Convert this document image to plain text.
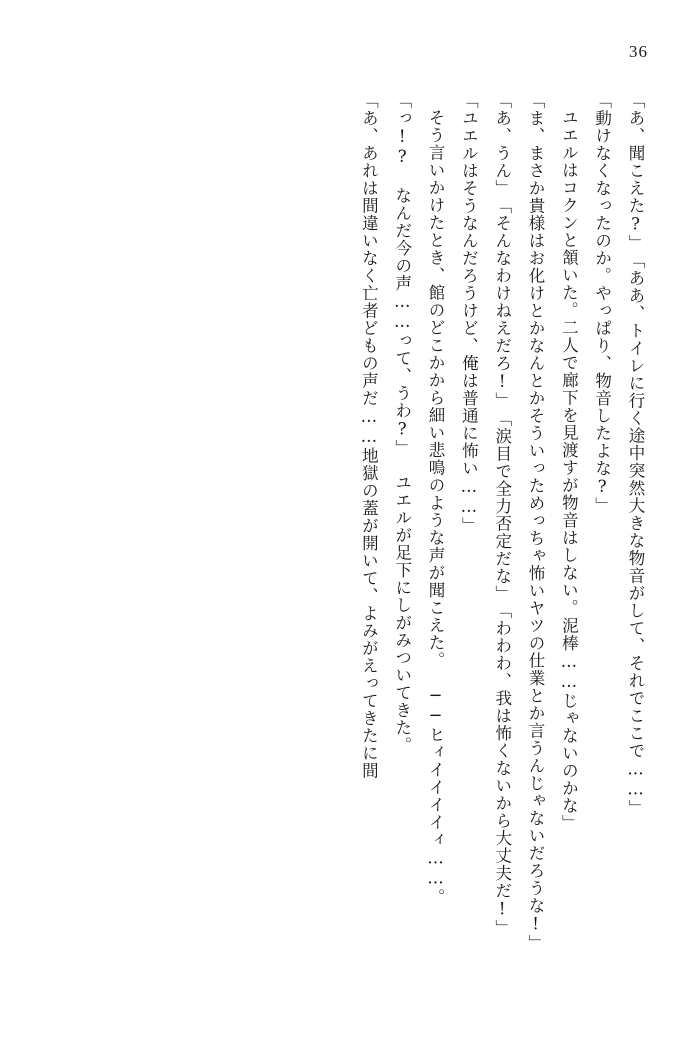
36
「あ、聞こえた?」
「ああ、トイレに行く途中突然大きな物音がして、それでここで……」
「動けなくなったのか。やっぱり、物音したよな?」
ユエルはコクンと頷いた。二人で廊下を見渡すが物音はしない。
泥棒……じゃないのかな」
「ま、まさか貴様はお化けとかなんとかそういっためっちゃ怖いヤツの仕業とか言うんじゃないだろうな!」
「あ、うん」
「そんなわけねえだろ!」
「涙目で全力否定だな」
「わわわ、我は怖くないから大丈夫だ!」
「ユエルはそうなんだろうけど、俺は普通に怖い……」
そう言いかけたとき、館のどこかから細い悲鳴のような声が聞こえた。
──ヒィイイイイィ……。
「っ!? なんだ今の声……って、うわ?」
ユエルが足下にしがみついてきた。
「あ、あれは間違いなく亡者どもの声だ……地獄の蓋が開いて、よみがえってきたに間
